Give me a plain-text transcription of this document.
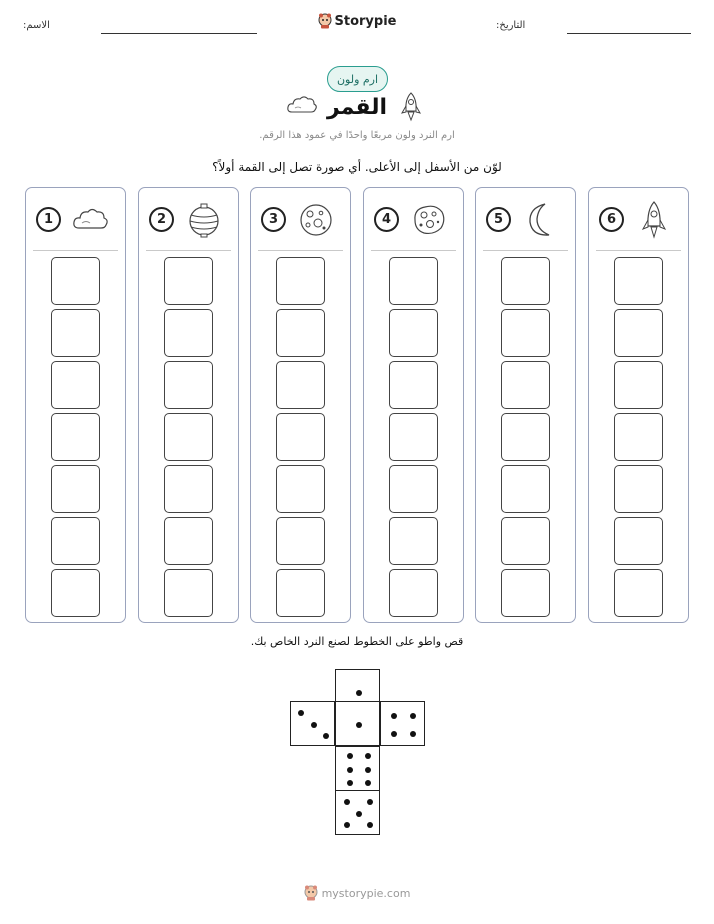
الاسم:	Storypie	التاريخ:
ارم ولون
القمر
ارم النرد ولون مربعًا واحدًا في عمود هذا الرقم.
لوّن من الأسفل إلى الأعلى. أي صورة تصل إلى القمة أولاً؟
1	2	3	4	5	6
قص واطو على الخطوط لصنع النرد الخاص بك.
mystorypie.com
